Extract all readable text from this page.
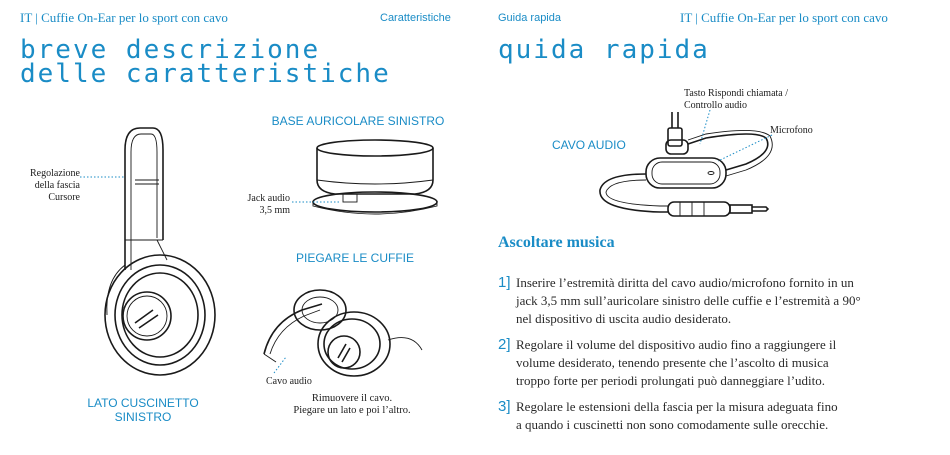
IT | Cuffie On-Ear per lo sport con cavo	Caratteristiche
breve descrizione
delle caratteristiche
Regolazione
della fascia
Cursore
LATO CUSCINETTO
SINISTRO
BASE AURICOLARE SINISTRO
Jack audio
3,5 mm
PIEGARE LE CUFFIE
Cavo audio
Rimuovere il cavo.
Piegare un lato e poi l’altro.
Guida rapida	IT | Cuffie On-Ear per lo sport con cavo
quida rapida
Tasto Rispondi chiamata /
Controllo audio
Microfono
CAVO AUDIO
Ascoltare musica
1] Inserire l’estremità diritta del cavo audio/microfono fornito in un
jack 3,5 mm sull’auricolare sinistro delle cuffie e l’estremità a 90°
nel dispositivo di uscita audio desiderato.
2] Regolare il volume del dispositivo audio fino a raggiungere il
volume desiderato, tenendo presente che l’ascolto di musica
troppo forte per periodi prolungati può danneggiare l’udito.
3] Regolare le estensioni della fascia per la misura adeguata fino
a quando i cuscinetti non sono comodamente sulle orecchie.
